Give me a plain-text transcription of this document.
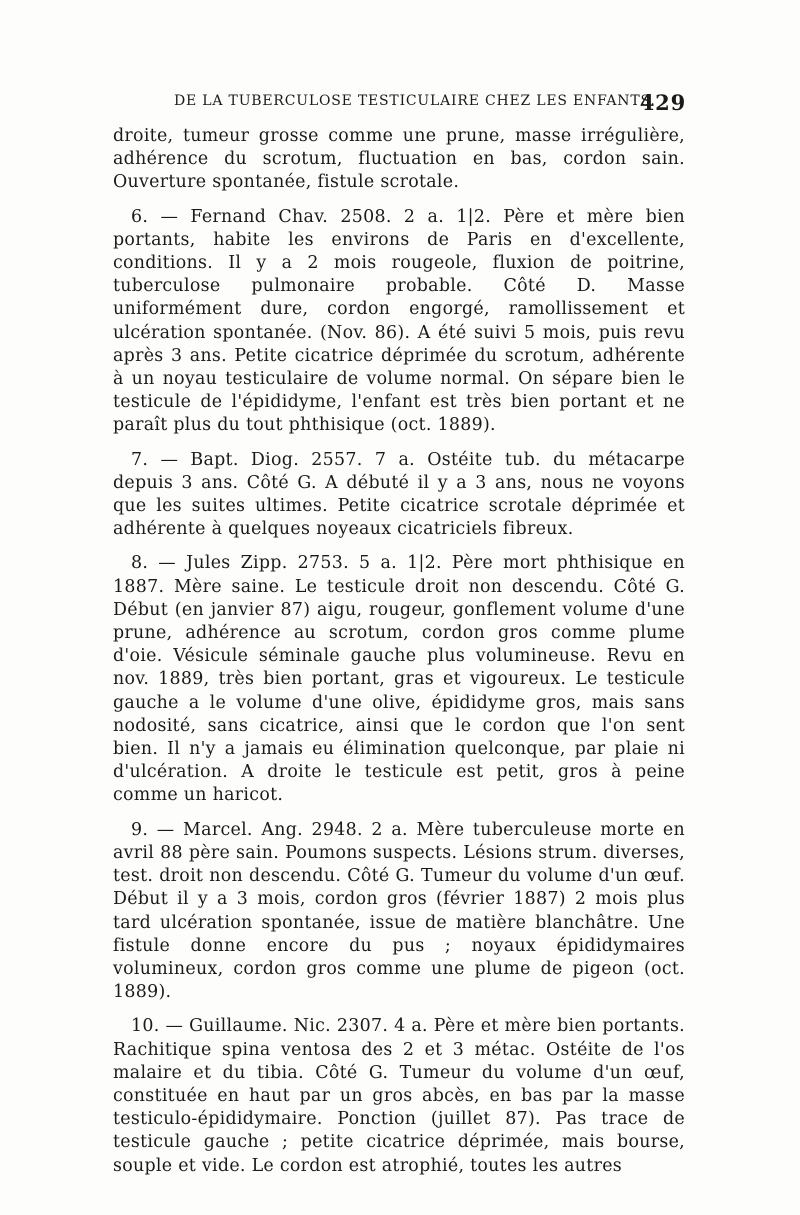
DE LA TUBERCULOSE TESTICULAIRE CHEZ LES ENFANTS.
429

droite, tumeur grosse comme une prune, masse irrégulière, adhérence du scrotum, fluctuation en bas, cordon sain. Ouverture spontanée, fistule scrotale.

6. — Fernand Chav. 2508. 2 a. 1|2. Père et mère bien portants, habite les environs de Paris en d'excellente, conditions. Il y a 2 mois rougeole, fluxion de poitrine, tuberculose pulmonaire probable. Côté D. Masse uniformément dure, cordon engorgé, ramollissement et ulcération spontanée. (Nov. 86). A été suivi 5 mois, puis revu après 3 ans. Petite cicatrice déprimée du scrotum, adhérente à un noyau testiculaire de volume normal. On sépare bien le testicule de l'épididyme, l'enfant est très bien portant et ne paraît plus du tout phthisique (oct. 1889).

7. — Bapt. Diog. 2557. 7 a. Ostéite tub. du métacarpe depuis 3 ans. Côté G. A débuté il y a 3 ans, nous ne voyons que les suites ultimes. Petite cicatrice scrotale déprimée et adhérente à quelques noyeaux cicatriciels fibreux.

8. — Jules Zipp. 2753. 5 a. 1|2. Père mort phthisique en 1887. Mère saine. Le testicule droit non descendu. Côté G. Début (en janvier 87) aigu, rougeur, gonflement volume d'une prune, adhérence au scrotum, cordon gros comme plume d'oie. Vésicule séminale gauche plus volumineuse. Revu en nov. 1889, très bien portant, gras et vigoureux. Le testicule gauche a le volume d'une olive, épididyme gros, mais sans nodosité, sans cicatrice, ainsi que le cordon que l'on sent bien. Il n'y a jamais eu élimination quelconque, par plaie ni d'ulcération. A droite le testicule est petit, gros à peine comme un haricot.

9. — Marcel. Ang. 2948. 2 a. Mère tuberculeuse morte en avril 88 père sain. Poumons suspects. Lésions strum. diverses, test. droit non descendu. Côté G. Tumeur du volume d'un œuf. Début il y a 3 mois, cordon gros (février 1887) 2 mois plus tard ulcération spontanée, issue de matière blanchâtre. Une fistule donne encore du pus ; noyaux épididymaires volumineux, cordon gros comme une plume de pigeon (oct. 1889).

10. — Guillaume. Nic. 2307. 4 a. Père et mère bien portants. Rachitique spina ventosa des 2 et 3 métac. Ostéite de l'os malaire et du tibia. Côté G. Tumeur du volume d'un œuf, constituée en haut par un gros abcès, en bas par la masse testiculo-épididymaire. Ponction (juillet 87). Pas trace de testicule gauche ; petite cicatrice déprimée, mais bourse, souple et vide. Le cordon est atrophié, toutes les autres
